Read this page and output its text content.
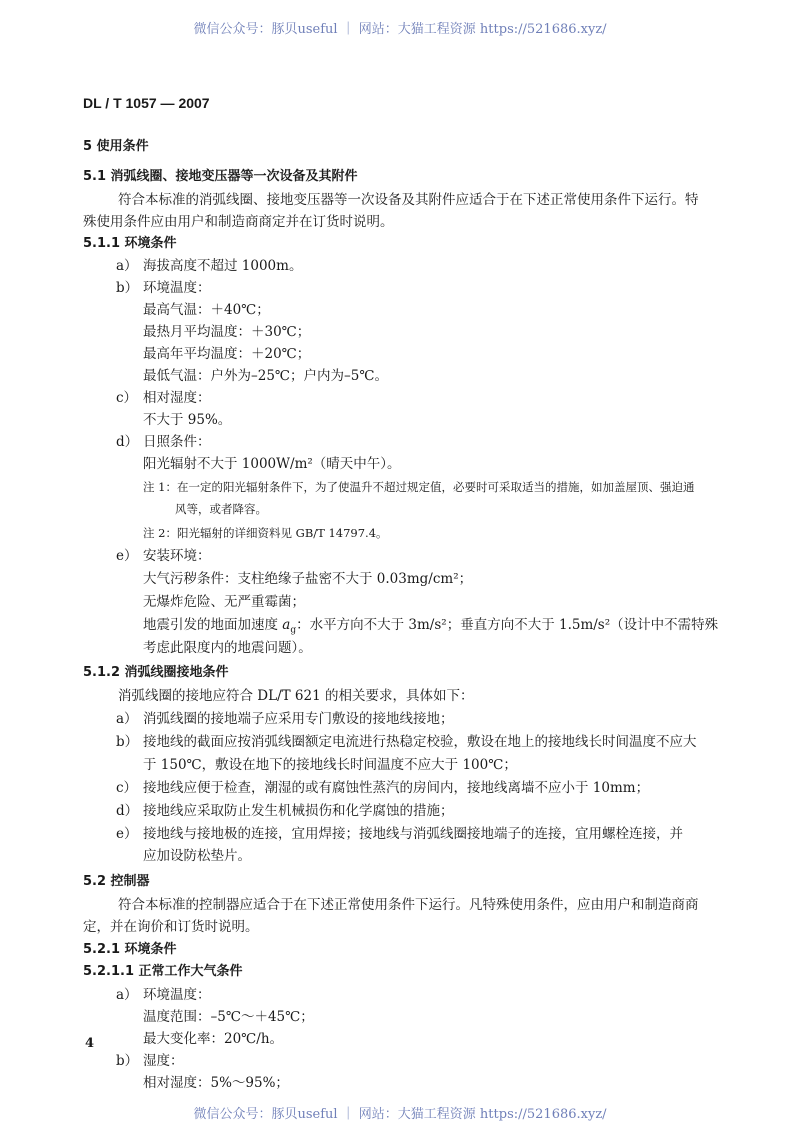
微信公众号：豚贝useful ｜ 网站：大猫工程资源 https://521686.xyz/
DL / T 1057 — 2007
5 使用条件
5.1 消弧线圈、接地变压器等一次设备及其附件
符合本标准的消弧线圈、接地变压器等一次设备及其附件应适合于在下述正常使用条件下运行。特
殊使用条件应由用户和制造商商定并在订货时说明。
5.1.1 环境条件
a） 海拔高度不超过 1000m。
b） 环境温度：
最高气温：＋40℃；
最热月平均温度：＋30℃；
最高年平均温度：＋20℃；
最低气温：户外为–25℃；户内为–5℃。
c） 相对湿度：
不大于 95%。
d） 日照条件：
阳光辐射不大于 1000W/m²（晴天中午）。
注 1：在一定的阳光辐射条件下，为了使温升不超过规定值，必要时可采取适当的措施，如加盖屋顶、强迫通
风等，或者降容。
注 2：阳光辐射的详细资料见 GB/T 14797.4。
e） 安装环境：
大气污秽条件：支柱绝缘子盐密不大于 0.03mg/cm²；
无爆炸危险、无严重霉菌；
地震引发的地面加速度 $a_g$：水平方向不大于 3m/s²；垂直方向不大于 1.5m/s²（设计中不需特殊
考虑此限度内的地震问题）。
5.1.2 消弧线圈接地条件
消弧线圈的接地应符合 DL/T 621 的相关要求，具体如下：
a） 消弧线圈的接地端子应采用专门敷设的接地线接地；
b） 接地线的截面应按消弧线圈额定电流进行热稳定校验，敷设在地上的接地线长时间温度不应大
于 150℃，敷设在地下的接地线长时间温度不应大于 100℃；
c） 接地线应便于检查，潮湿的或有腐蚀性蒸汽的房间内，接地线离墙不应小于 10mm；
d） 接地线应采取防止发生机械损伤和化学腐蚀的措施；
e） 接地线与接地极的连接，宜用焊接；接地线与消弧线圈接地端子的连接，宜用螺栓连接，并
应加设防松垫片。
5.2 控制器
符合本标准的控制器应适合于在下述正常使用条件下运行。凡特殊使用条件，应由用户和制造商商
定，并在询价和订货时说明。
5.2.1 环境条件
5.2.1.1 正常工作大气条件
a） 环境温度：
温度范围：–5℃～＋45℃；
最大变化率：20℃/h。
b） 湿度：
相对湿度：5%～95%；
4
微信公众号：豚贝useful ｜ 网站：大猫工程资源 https://521686.xyz/
